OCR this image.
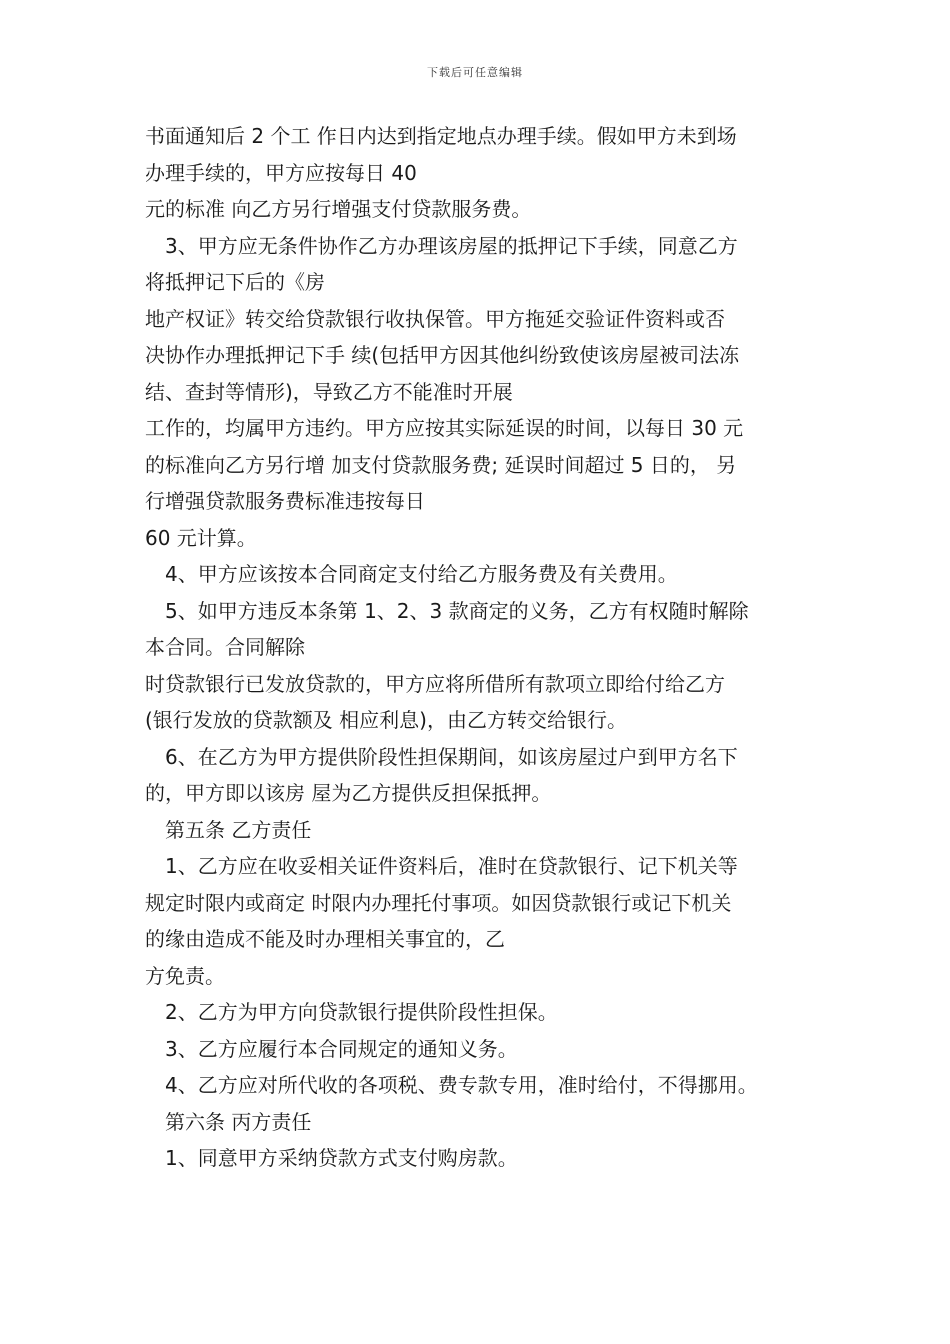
下载后可任意编辑
书面通知后 2 个工 作日内达到指定地点办理手续。假如甲方未到场
办理手续的，甲方应按每日 40
元的标准 向乙方另行增强支付贷款服务费。
3、甲方应无条件协作乙方办理该房屋的抵押记下手续，同意乙方
将抵押记下后的《房
地产权证》转交给贷款银行收执保管。甲方拖延交验证件资料或否
决协作办理抵押记下手 续(包括甲方因其他纠纷致使该房屋被司法冻
结、查封等情形)，导致乙方不能准时开展
工作的，均属甲方违约。甲方应按其实际延误的时间，以每日 30 元
的标准向乙方另行增 加支付贷款服务费; 延误时间超过 5 日的， 另
行增强贷款服务费标准违按每日
60 元计算。
4、甲方应该按本合同商定支付给乙方服务费及有关费用。
5、如甲方违反本条第 1、2、3 款商定的义务，乙方有权随时解除
本合同。合同解除
时贷款银行已发放贷款的，甲方应将所借所有款项立即给付给乙方
(银行发放的贷款额及 相应利息)，由乙方转交给银行。
6、在乙方为甲方提供阶段性担保期间，如该房屋过户到甲方名下
的，甲方即以该房 屋为乙方提供反担保抵押。
第五条 乙方责任
1、乙方应在收妥相关证件资料后，准时在贷款银行、记下机关等
规定时限内或商定 时限内办理托付事项。如因贷款银行或记下机关
的缘由造成不能及时办理相关事宜的，乙
方免责。
2、乙方为甲方向贷款银行提供阶段性担保。
3、乙方应履行本合同规定的通知义务。
4、乙方应对所代收的各项税、费专款专用，准时给付，不得挪用。
第六条 丙方责任
1、同意甲方采纳贷款方式支付购房款。
